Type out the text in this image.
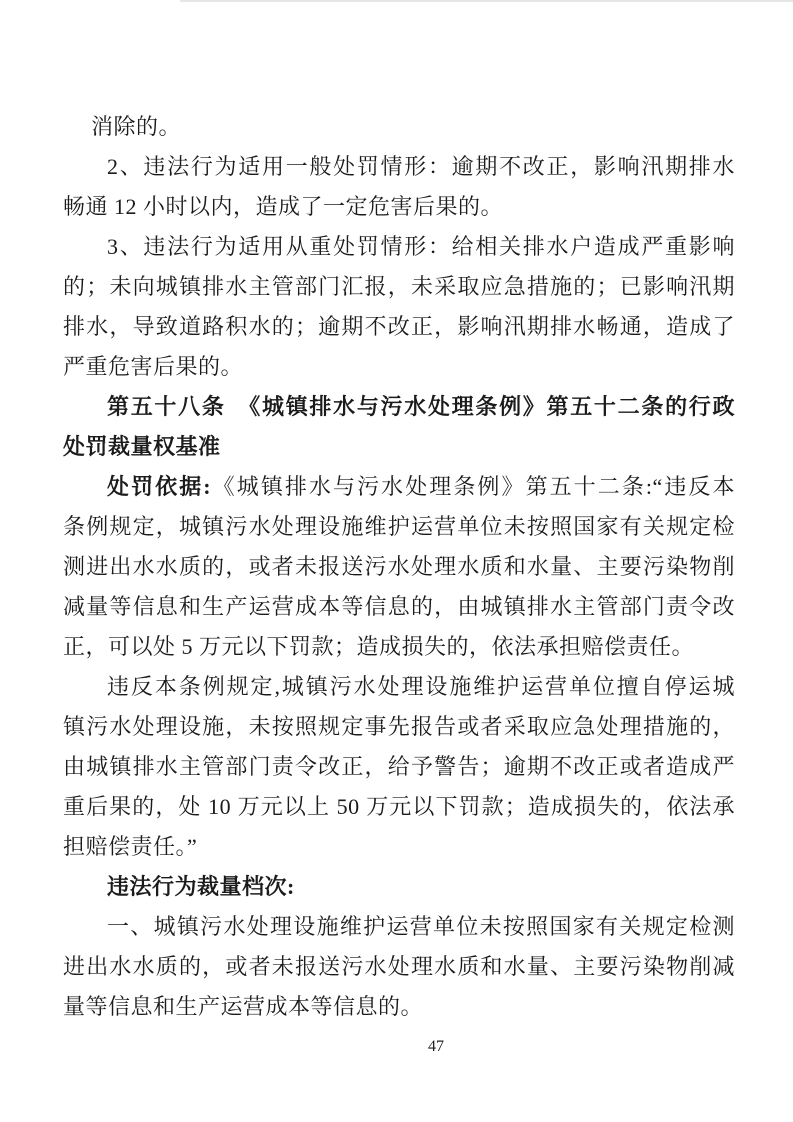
消除的。
2、违法行为适用一般处罚情形：逾期不改正，影响汛期排水
畅通 12 小时以内，造成了一定危害后果的。
3、违法行为适用从重处罚情形：给相关排水户造成严重影响
的；未向城镇排水主管部门汇报，未采取应急措施的；已影响汛期
排水，导致道路积水的；逾期不改正，影响汛期排水畅通，造成了
严重危害后果的。
第五十八条　《城镇排水与污水处理条例》第五十二条的行政
处罚裁量权基准
处罚依据:《城镇排水与污水处理条例》第五十二条:“违反本
条例规定，城镇污水处理设施维护运营单位未按照国家有关规定检
测进出水水质的，或者未报送污水处理水质和水量、主要污染物削
减量等信息和生产运营成本等信息的，由城镇排水主管部门责令改
正，可以处 5 万元以下罚款；造成损失的，依法承担赔偿责任。
违反本条例规定,城镇污水处理设施维护运营单位擅自停运城
镇污水处理设施，未按照规定事先报告或者采取应急处理措施的，
由城镇排水主管部门责令改正，给予警告；逾期不改正或者造成严
重后果的，处 10 万元以上 50 万元以下罚款；造成损失的，依法承
担赔偿责任。”
违法行为裁量档次:
一、城镇污水处理设施维护运营单位未按照国家有关规定检测
进出水水质的，或者未报送污水处理水质和水量、主要污染物削减
量等信息和生产运营成本等信息的。
47
